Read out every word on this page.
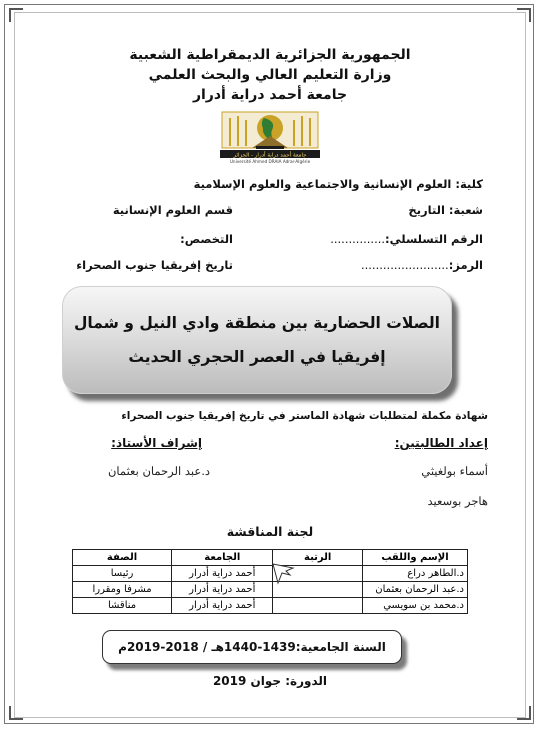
الجمهورية الجزائرية الديمقراطية الشعبية
وزارة التعليم العالي والبحث العلمي
جامعة أحمد دراية أدرار
جامعة أحمد دراية أدرار - الجزائر
Université Ahmed DRAIA Adrar-Algérie
كلية: العلوم الإنسانية والاجتماعية والعلوم الإسلامية
شعبة: التاريخ
قسم العلوم الإنسانية
الرقم التسلسلي:...............
التخصص:
الرمز:........................
تاريخ إفريقيا جنوب الصحراء
الصلات الحضارية بين منطقة وادي النيل و شمال
إفريقيا في العصر الحجري الحديث
شهادة مكملة لمتطلبات شهادة الماستر في تاريخ إفريقيا جنوب الصحراء
إعداد الطالبتين:
أسماء بولغيثي
هاجر بوسعيد
إشراف الأستاذ:
د.عبد الرحمان بعثمان
لجنة المناقشة
الإسم واللقب	الرتبة	الجامعة	الصفة
د.الطاهر دراع		أحمد دراية أدرار	رئيسا
د.عبد الرحمان بعثمان		أحمد دراية أدرار	مشرفا ومقررا
د.محمد بن سويسي		أحمد دراية أدرار	مناقشا
السنة الجامعية:1439-1440هـ / 2018-2019م
الدورة: جوان 2019
